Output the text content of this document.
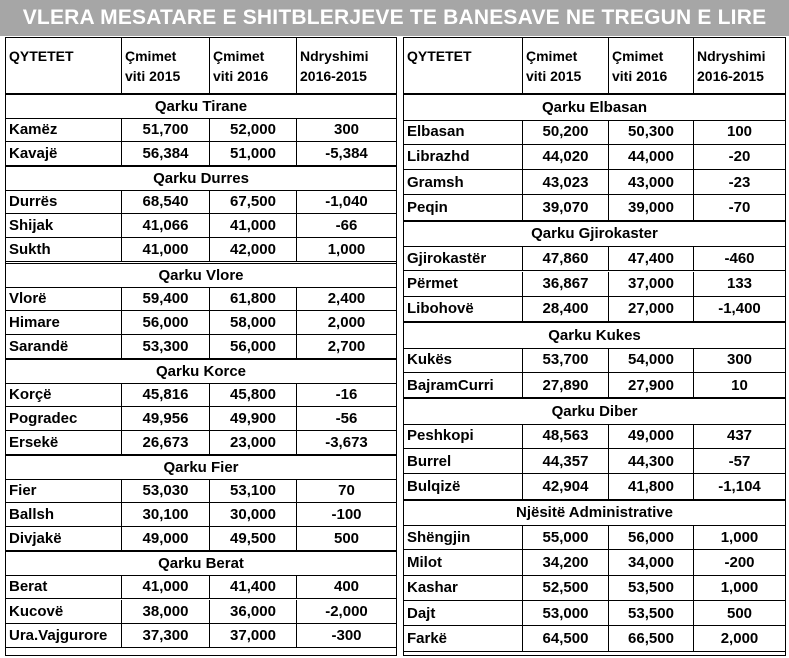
VLERA MESATARE E SHITBLERJEVE TE BANESAVE NE TREGUN E LIRE
QYTETET	Çmimet
viti 2015
Çmimet
viti 2016
Ndryshimi
2016-2015
Qarku Tirane
Kamëz	51,700	52,000	300
Kavajë	56,384	51,000	-5,384
Qarku Durres
Durrës	68,540	67,500	-1,040
Shijak	41,066	41,000	-66
Sukth	41,000	42,000	1,000
Qarku Vlore
Vlorë	59,400	61,800	2,400
Himare	56,000	58,000	2,000
Sarandë	53,300	56,000	2,700
Qarku Korce
Korçë	45,816	45,800	-16
Pogradec	49,956	49,900	-56
Ersekë	26,673	23,000	-3,673
Qarku Fier
Fier	53,030	53,100	70
Ballsh	30,100	30,000	-100
Divjakë	49,000	49,500	500
Qarku Berat
Berat	41,000	41,400	400
Kucovë	38,000	36,000	-2,000
Ura.Vajgurore	37,300	37,000	-300
QYTETET	Çmimet
viti 2015
Çmimet
viti 2016
Ndryshimi
2016-2015
Qarku Elbasan
Elbasan	50,200	50,300	100
Librazhd	44,020	44,000	-20
Gramsh	43,023	43,000	-23
Peqin	39,070	39,000	-70
Qarku Gjirokaster
Gjirokastër	47,860	47,400	-460
Përmet	36,867	37,000	133
Libohovë	28,400	27,000	-1,400
Qarku Kukes
Kukës	53,700	54,000	300
BajramCurri	27,890	27,900	10
Qarku Diber
Peshkopi	48,563	49,000	437
Burrel	44,357	44,300	-57
Bulqizë	42,904	41,800	-1,104
Njësitë Administrative
Shëngjin	55,000	56,000	1,000
Milot	34,200	34,000	-200
Kashar	52,500	53,500	1,000
Dajt	53,000	53,500	500
Farkë	64,500	66,500	2,000
